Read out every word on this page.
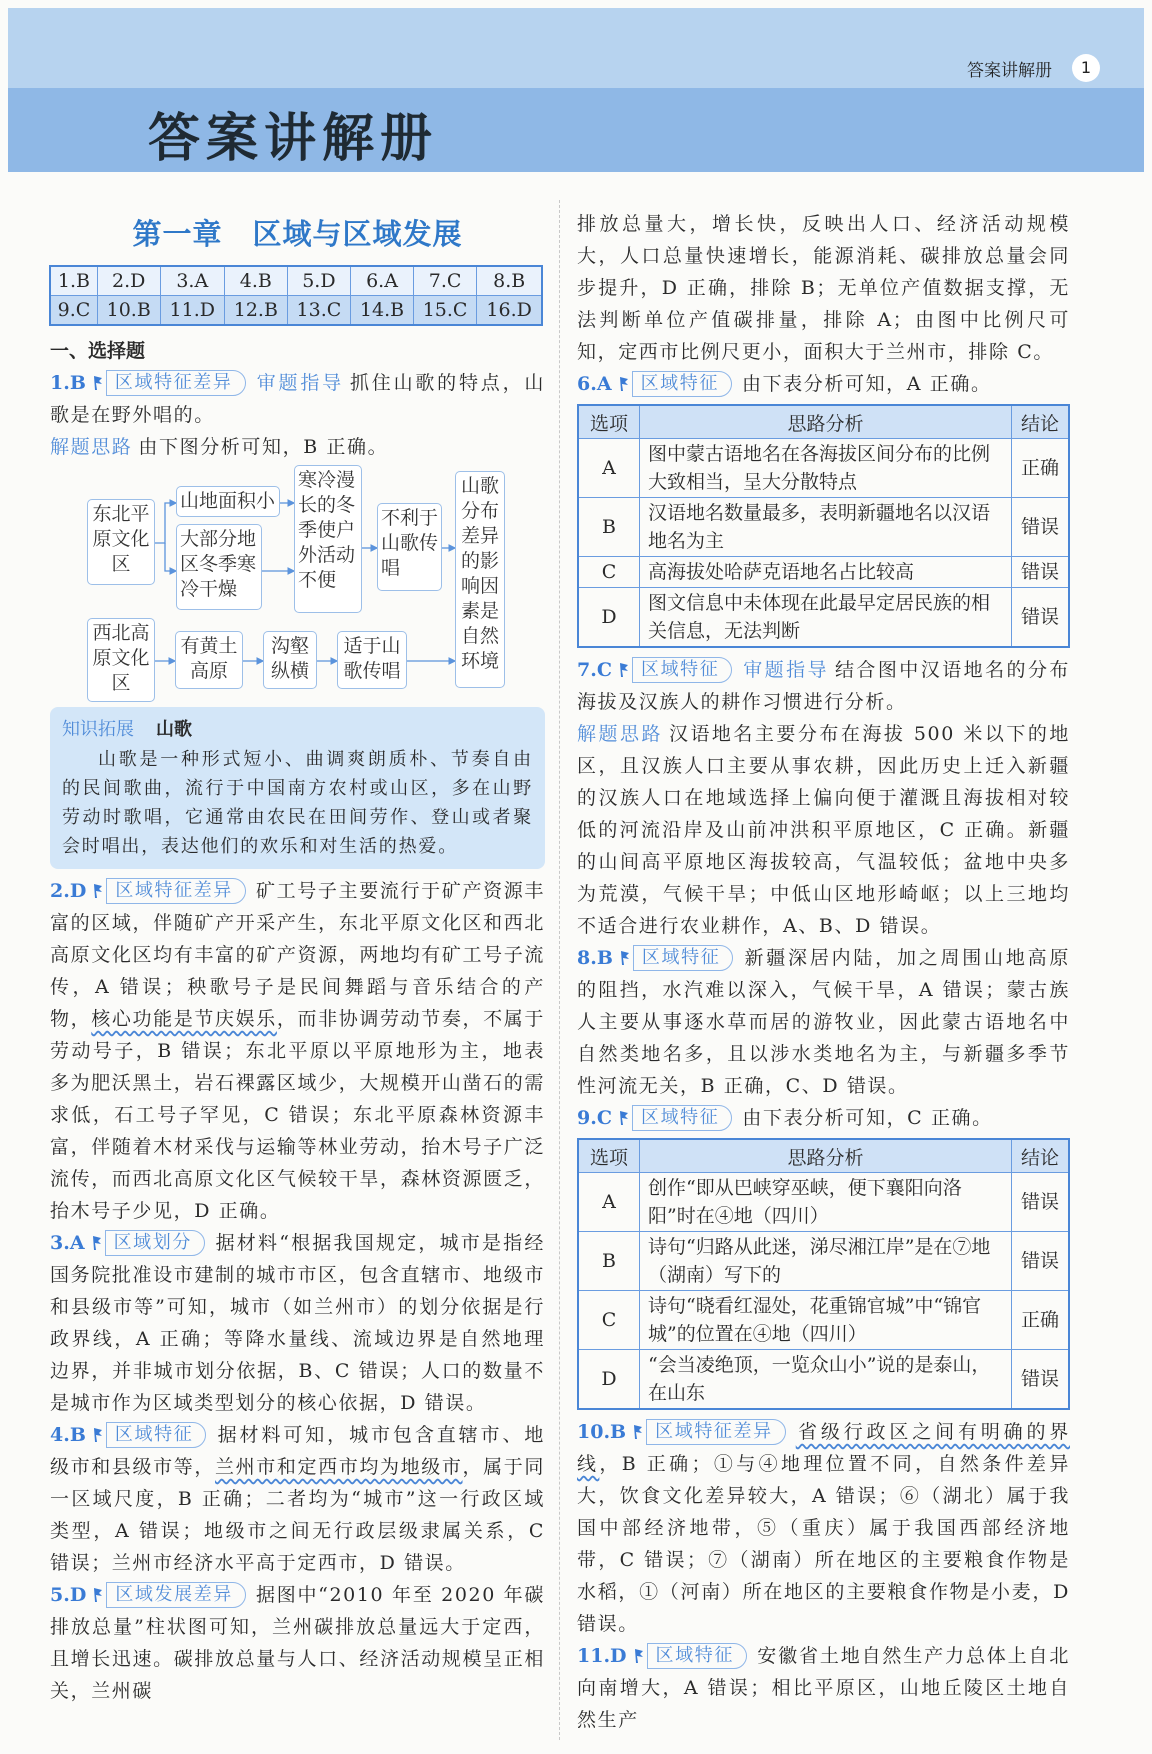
答案讲解册
答案讲解册	1
第一章　区域与区域发展
1.B	2.D	3.A	4.B	5.D	6.A	7.C	8.B
9.C	10.B	11.D	12.B	13.C	14.B	15.C	16.D
一、选择题
1.B 区域特征差异 审题指导 抓住山歌的特点，山歌是在野外唱的。
解题思路 由下图分析可知，B 正确。
东北平原文化区
山地面积小
大部分地区冬季寒冷干燥
寒冷漫长的冬季使户外活动不便
不利于山歌传唱
山歌分布差异的影响因素是自然环境
西北高原文化区
有黄土高原
沟壑纵横
适于山歌传唱
知识拓展 山歌
山歌是一种形式短小、曲调爽朗质朴、节奏自由的民间歌曲，流行于中国南方农村或山区，多在山野劳动时歌唱，它通常由农民在田间劳作、登山或者聚会时唱出，表达他们的欢乐和对生活的热爱。
2.D 区域特征差异 矿工号子主要流行于矿产资源丰富的区域，伴随矿产开采产生，东北平原文化区和西北高原文化区均有丰富的矿产资源，两地均有矿工号子流传，A 错误；秧歌号子是民间舞蹈与音乐结合的产物，核心功能是节庆娱乐，而非协调劳动节奏，不属于劳动号子，B 错误；东北平原以平原地形为主，地表多为肥沃黑土，岩石裸露区域少，大规模开山凿石的需求低，石工号子罕见，C 错误；东北平原森林资源丰富，伴随着木材采伐与运输等林业劳动，抬木号子广泛流传，而西北高原文化区气候较干旱，森林资源匮乏，抬木号子少见，D 正确。
3.A 区域划分 据材料“根据我国规定，城市是指经国务院批准设市建制的城市市区，包含直辖市、地级市和县级市等”可知，城市（如兰州市）的划分依据是行政界线，A 正确；等降水量线、流域边界是自然地理边界，并非城市划分依据，B、C 错误；人口的数量不是城市作为区域类型划分的核心依据，D 错误。
4.B 区域特征 据材料可知，城市包含直辖市、地级市和县级市等，兰州市和定西市均为地级市，属于同一区域尺度，B 正确；二者均为“城市”这一行政区域类型，A 错误；地级市之间无行政层级隶属关系，C 错误；兰州市经济水平高于定西市，D 错误。
5.D 区域发展差异 据图中“2010 年至 2020 年碳排放总量”柱状图可知，兰州碳排放总量远大于定西，且增长迅速。碳排放总量与人口、经济活动规模呈正相关，兰州碳
排放总量大，增长快，反映出人口、经济活动规模大，人口总量快速增长，能源消耗、碳排放总量会同步提升，D 正确，排除 B；无单位产值数据支撑，无法判断单位产值碳排量，排除 A；由图中比例尺可知，定西市比例尺更小，面积大于兰州市，排除 C。
6.A 区域特征 由下表分析可知，A 正确。
选项	思路分析	结论
A	图中蒙古语地名在各海拔区间分布的比例大致相当，呈大分散特点	正确
B	汉语地名数量最多，表明新疆地名以汉语地名为主	错误
C	高海拔处哈萨克语地名占比较高	错误
D	图文信息中未体现在此最早定居民族的相关信息，无法判断	错误
7.C 区域特征 审题指导 结合图中汉语地名的分布海拔及汉族人的耕作习惯进行分析。
解题思路 汉语地名主要分布在海拔 500 米以下的地区，且汉族人口主要从事农耕，因此历史上迁入新疆的汉族人口在地域选择上偏向便于灌溉且海拔相对较低的河流沿岸及山前冲洪积平原地区，C 正确。新疆的山间高平原地区海拔较高，气温较低；盆地中央多为荒漠，气候干旱；中低山区地形崎岖；以上三地均不适合进行农业耕作，A、B、D 错误。
8.B 区域特征 新疆深居内陆，加之周围山地高原的阻挡，水汽难以深入，气候干旱，A 错误；蒙古族人主要从事逐水草而居的游牧业，因此蒙古语地名中自然类地名多，且以涉水类地名为主，与新疆多季节性河流无关，B 正确，C、D 错误。
9.C 区域特征 由下表分析可知，C 正确。
选项	思路分析	结论
A	创作“即从巴峡穿巫峡，便下襄阳向洛阳”时在④地（四川）	错误
B	诗句“归路从此迷，涕尽湘江岸”是在⑦地（湖南）写下的	错误
C	诗句“晓看红湿处，花重锦官城”中“锦官城”的位置在④地（四川）	正确
D	“会当凌绝顶，一览众山小”说的是泰山，在山东	错误
10.B 区域特征差异 省级行政区之间有明确的界线，B 正确；①与④地理位置不同，自然条件差异大，饮食文化差异较大，A 错误；⑥（湖北）属于我国中部经济地带，⑤（重庆）属于我国西部经济地带，C 错误；⑦（湖南）所在地区的主要粮食作物是水稻，①（河南）所在地区的主要粮食作物是小麦，D 错误。
11.D 区域特征 安徽省土地自然生产力总体上自北向南增大，A 错误；相比平原区，山地丘陵区土地自然生产
